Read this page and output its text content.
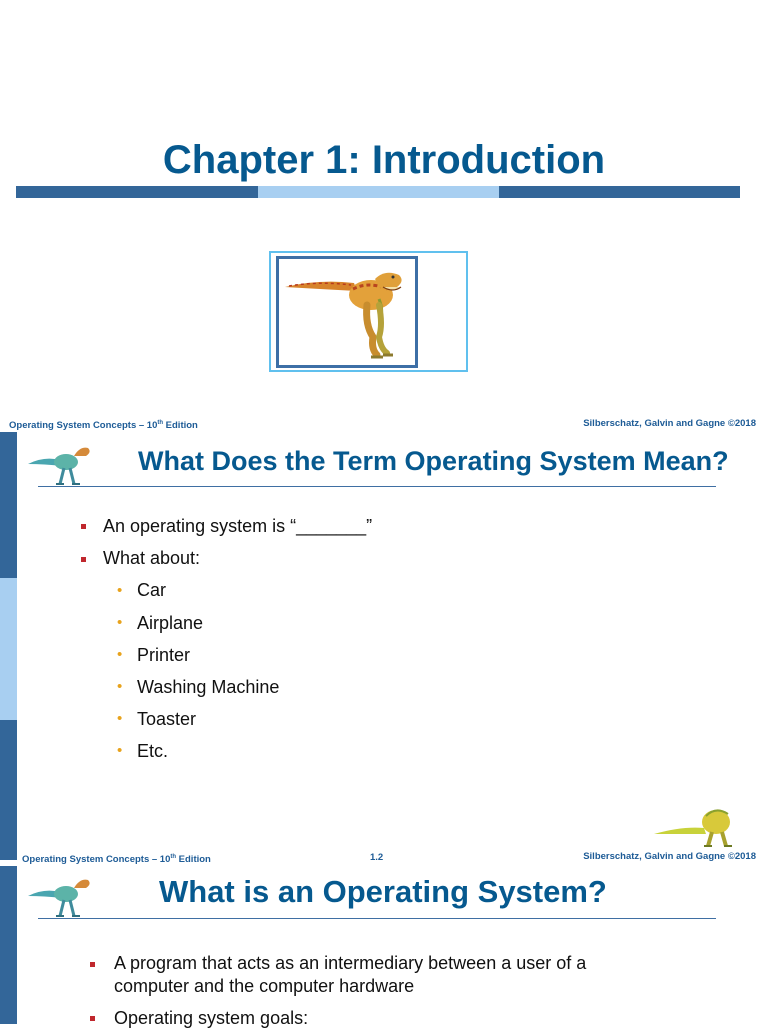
Chapter 1: Introduction
Operating System Concepts – 10th Edition	Silberschatz, Galvin and Gagne ©2018
What Does the Term Operating System Mean?
An operating system is “_______”
What about:
• Car
• Airplane
• Printer
• Washing Machine
• Toaster
• Etc.
Operating System Concepts – 10th Edition	1.2	Silberschatz, Galvin and Gagne ©2018
What is an Operating System?
A program that acts as an intermediary between a user of a
computer and the computer hardware
Operating system goals:
